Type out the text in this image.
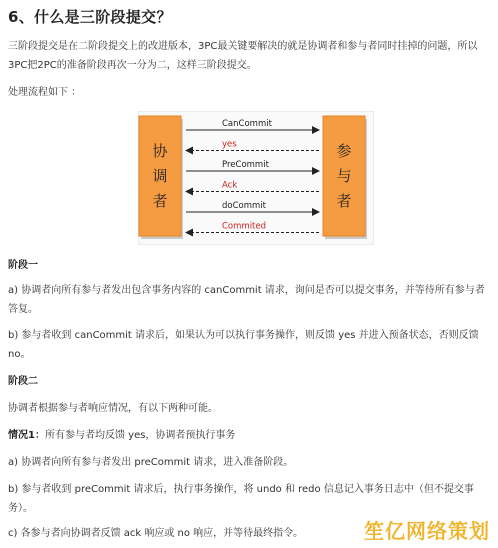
6、什么是三阶段提交？

三阶段提交是在二阶段提交上的改进版本，3PC最关键要解决的就是协调者和参与者同时挂掉的问题，所以3PC把2PC的准备阶段再次一分为二，这样三阶段提交。

处理流程如下 ：

协调者
参与者
CanCommit
yes
PreCommit
Ack
doCommit
Commited

阶段一

a) 协调者向所有参与者发出包含事务内容的 canCommit 请求，询问是否可以提交事务，并等待所有参与者答复。

b) 参与者收到 canCommit 请求后，如果认为可以执行事务操作，则反馈 yes 并进入预备状态，否则反馈 no。

阶段二

协调者根据参与者响应情况，有以下两种可能。

情况1：所有参与者均反馈 yes，协调者预执行事务

a) 协调者向所有参与者发出 preCommit 请求，进入准备阶段。

b) 参与者收到 preCommit 请求后，执行事务操作，将 undo 和 redo 信息记入事务日志中（但不提交事务）。

c) 各参与者向协调者反馈 ack 响应或 no 响应，并等待最终指令。	笙亿网络策划
